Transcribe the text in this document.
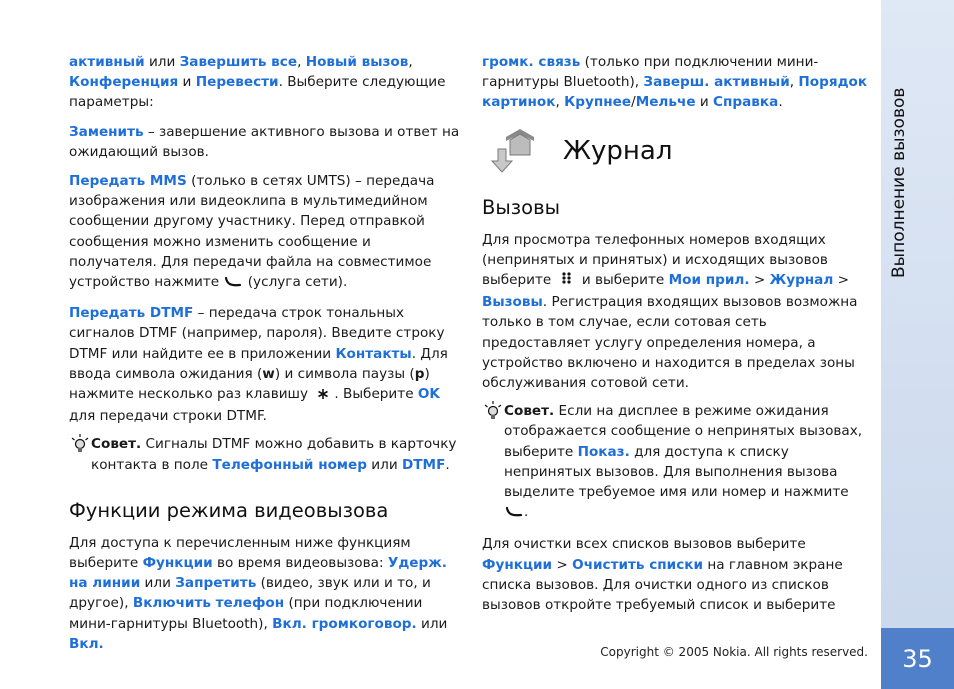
Выполнение вызовов
35

активный или Завершить все, Новый вызов, Конференция и Перевести. Выберите следующие параметры:

Заменить – завершение активного вызова и ответ на ожидающий вызов.

Передать MMS (только в сетях UMTS) – передача изображения или видеоклипа в мультимедийном сообщении другому участнику. Перед отправкой сообщения можно изменить сообщение и получателя. Для передачи файла на совместимое устройство нажмите  (услуга сети).

Передать DTMF – передача строк тональных сигналов DTMF (например, пароля). Введите строку DTMF или найдите ее в приложении Контакты. Для ввода символа ожидания (w) и символа паузы (p) нажмите несколько раз клавишу . Выберите OK для передачи строки DTMF.

Совет. Сигналы DTMF можно добавить в карточку контакта в поле Телефонный номер или DTMF.

Функции режима видеовызова

Для доступа к перечисленным ниже функциям выберите Функции во время видеовызова: Удерж. на линии или Запретить (видео, звук или и то, и другое), Включить телефон (при подключении мини-гарнитуры Bluetooth), Вкл. громкоговор. или Вкл.

громк. связь (только при подключении мини-гарнитуры Bluetooth), Заверш. активный, Порядок картинок, Крупнее/Мельче и Справка.

Журнал

Вызовы

Для просмотра телефонных номеров входящих (непринятых и принятых) и исходящих вызовов выберите  и выберите Мои прил. > Журнал > Вызовы. Регистрация входящих вызовов возможна только в том случае, если сотовая сеть предоставляет услугу определения номера, а устройство включено и находится в пределах зоны обслуживания сотовой сети.

Совет. Если на дисплее в режиме ожидания отображается сообщение о непринятых вызовах, выберите Показ. для доступа к списку непринятых вызовов. Для выполнения вызова выделите требуемое имя или номер и нажмите .

Для очистки всех списков вызовов выберите Функции > Очистить списки на главном экране списка вызовов. Для очистки одного из списков вызовов откройте требуемый список и выберите

Copyright © 2005 Nokia. All rights reserved.
